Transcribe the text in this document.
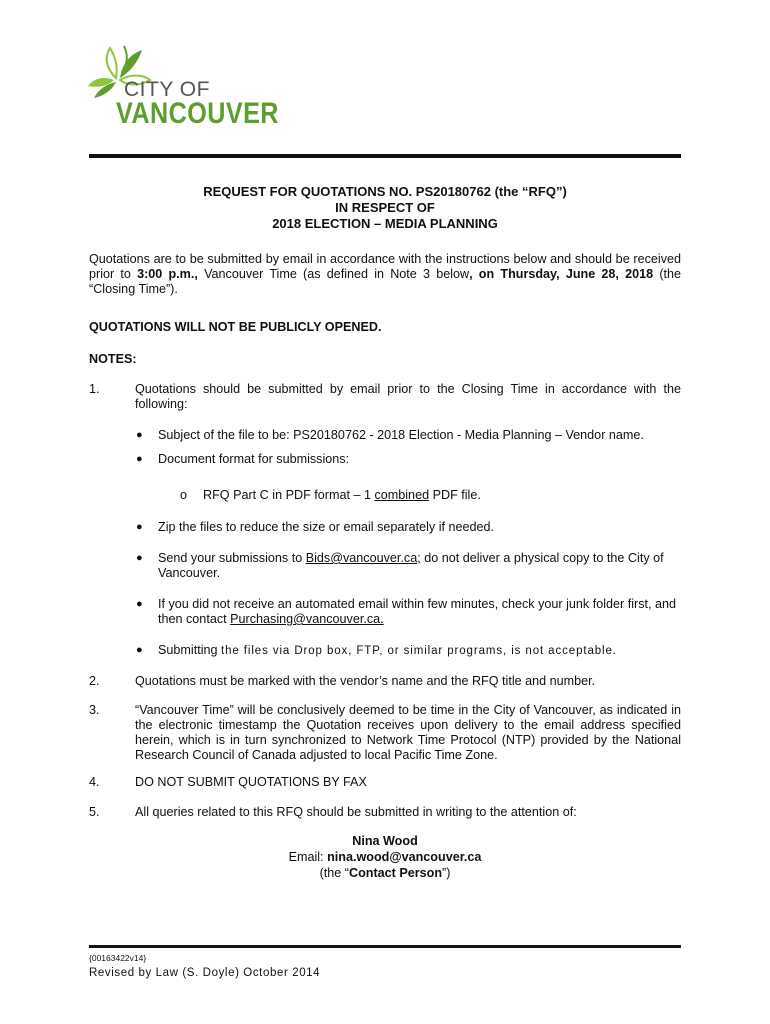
CITY OF
VANCOUVER
REQUEST FOR QUOTATIONS NO. PS20180762 (the “RFQ”)
IN RESPECT OF
2018 ELECTION – MEDIA PLANNING
Quotations are to be submitted by email in accordance with the instructions below and should be received prior to 3:00 p.m., Vancouver Time (as defined in Note 3 below, on Thursday, June 28, 2018 (the “Closing Time”).
QUOTATIONS WILL NOT BE PUBLICLY OPENED.
NOTES:
1.	Quotations should be submitted by email prior to the Closing Time in accordance with the following:
● Subject of the file to be: PS20180762 - 2018 Election - Media Planning – Vendor name.
● Document format for submissions:
o RFQ Part C in PDF format – 1 combined PDF file.
● Zip the files to reduce the size or email separately if needed.
● Send your submissions to Bids@vancouver.ca; do not deliver a physical copy to the City of Vancouver.
● If you did not receive an automated email within few minutes, check your junk folder first, and then contact Purchasing@vancouver.ca.
● Submitting the files via Drop box, FTP, or similar programs, is not acceptable.
2.	Quotations must be marked with the vendor’s name and the RFQ title and number.
3.	“Vancouver Time” will be conclusively deemed to be time in the City of Vancouver, as indicated in the electronic timestamp the Quotation receives upon delivery to the email address specified herein, which is in turn synchronized to Network Time Protocol (NTP) provided by the National Research Council of Canada adjusted to local Pacific Time Zone.
4.	DO NOT SUBMIT QUOTATIONS BY FAX
5.	All queries related to this RFQ should be submitted in writing to the attention of:
Nina Wood
Email: nina.wood@vancouver.ca
(the “Contact Person”)
{00163422v14}
Revised by Law (S. Doyle) October 2014
